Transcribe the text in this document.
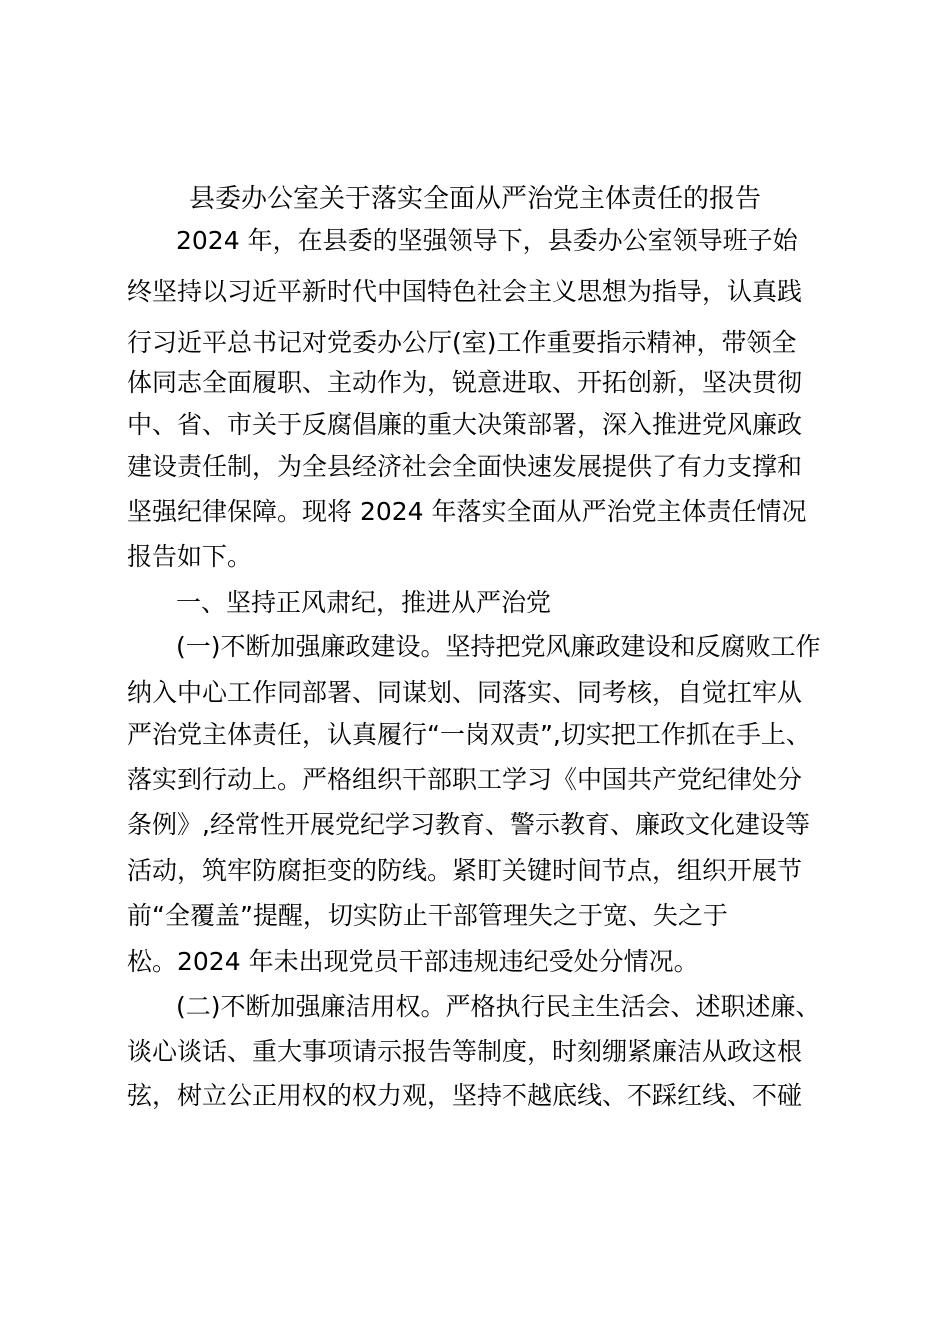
县委办公室关于落实全面从严治党主体责任的报告
2024 年，在县委的坚强领导下，县委办公室领导班子始
终坚持以习近平新时代中国特色社会主义思想为指导，认真践
行习近平总书记对党委办公厅(室)工作重要指示精神，带领全
体同志全面履职、主动作为，锐意进取、开拓创新，坚决贯彻
中、省、市关于反腐倡廉的重大决策部署，深入推进党风廉政
建设责任制，为全县经济社会全面快速发展提供了有力支撑和
坚强纪律保障。现将 2024 年落实全面从严治党主体责任情况
报告如下。
一、坚持正风肃纪，推进从严治党
(一)不断加强廉政建设。坚持把党风廉政建设和反腐败工作
纳入中心工作同部署、同谋划、同落实、同考核，自觉扛牢从
严治党主体责任，认真履行“一岗双责”,切实把工作抓在手上、
落实到行动上。严格组织干部职工学习《中国共产党纪律处分
条例》,经常性开展党纪学习教育、警示教育、廉政文化建设等
活动，筑牢防腐拒变的防线。紧盯关键时间节点，组织开展节
前“全覆盖”提醒，切实防止干部管理失之于宽、失之于
松。2024 年未出现党员干部违规违纪受处分情况。
(二)不断加强廉洁用权。严格执行民主生活会、述职述廉、
谈心谈话、重大事项请示报告等制度，时刻绷紧廉洁从政这根
弦，树立公正用权的权力观，坚持不越底线、不踩红线、不碰
